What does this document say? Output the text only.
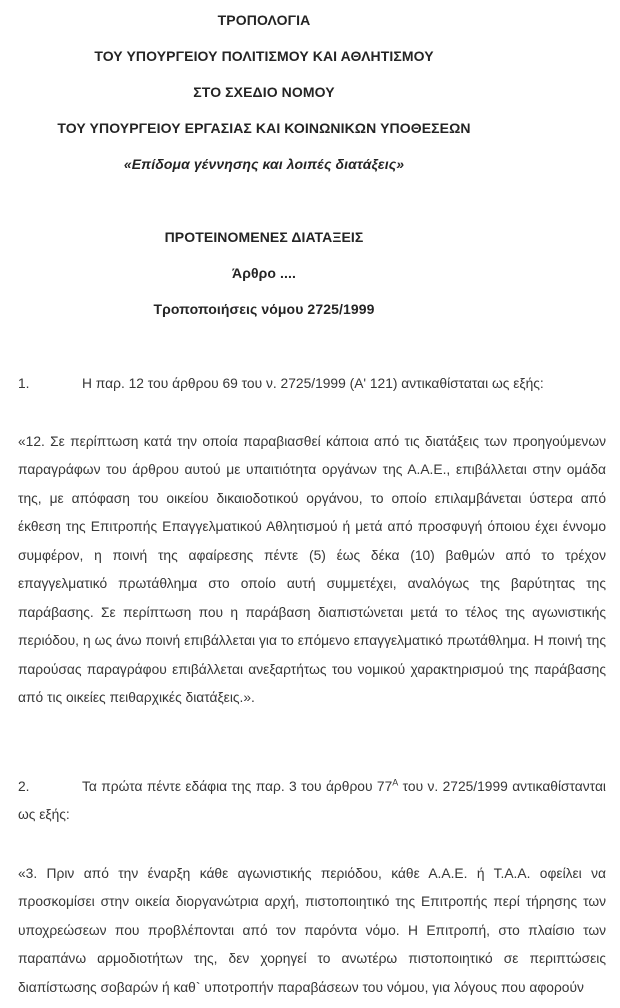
ΤΡΟΠΟΛΟΓΙΑ
ΤΟΥ ΥΠΟΥΡΓΕΙΟΥ ΠΟΛΙΤΙΣΜΟΥ ΚΑΙ ΑΘΛΗΤΙΣΜΟΥ
ΣΤΟ ΣΧΕΔΙΟ ΝΟΜΟΥ
ΤΟΥ ΥΠΟΥΡΓΕΙΟΥ ΕΡΓΑΣΙΑΣ ΚΑΙ ΚΟΙΝΩΝΙΚΩΝ ΥΠΟΘΕΣΕΩΝ
«Επίδομα γέννησης και λοιπές διατάξεις»
ΠΡΟΤΕΙΝΟΜΕΝΕΣ ΔΙΑΤΑΞΕΙΣ
Άρθρο ....
Τροποποιήσεις νόμου 2725/1999

1.	Η παρ. 12 του άρθρου 69 του ν. 2725/1999 (Α' 121) αντικαθίσταται ως εξής:

«12. Σε περίπτωση κατά την οποία παραβιασθεί κάποια από τις διατάξεις των προηγούμενων παραγράφων του άρθρου αυτού με υπαιτιότητα οργάνων της Α.Α.Ε., επιβάλλεται στην ομάδα της, με απόφαση του οικείου δικαιοδοτικού οργάνου, το οποίο επιλαμβάνεται ύστερα από έκθεση της Επιτροπής Επαγγελματικού Αθλητισμού ή μετά από προσφυγή όποιου έχει έννομο συμφέρον, η ποινή της αφαίρεσης πέντε (5) έως δέκα (10) βαθμών από το τρέχον επαγγελματικό πρωτάθλημα στο οποίο αυτή συμμετέχει, αναλόγως της βαρύτητας της παράβασης. Σε περίπτωση που η παράβαση διαπιστώνεται μετά το τέλος της αγωνιστικής περιόδου, η ως άνω ποινή επιβάλλεται για το επόμενο επαγγελματικό πρωτάθλημα. Η ποινή της παρούσας παραγράφου επιβάλλεται ανεξαρτήτως του νομικού χαρακτηρισμού της παράβασης από τις οικείες πειθαρχικές διατάξεις.».

2.	Τα πρώτα πέντε εδάφια της παρ. 3 του άρθρου $77^A$ του ν. 2725/1999 αντικαθίστανται ως εξής:

«3. Πριν από την έναρξη κάθε αγωνιστικής περιόδου, κάθε Α.Α.Ε. ή Τ.Α.Α. οφείλει να προσκομίσει στην οικεία διοργανώτρια αρχή, πιστοποιητικό της Επιτροπής περί τήρησης των υποχρεώσεων που προβλέπονται από τον παρόντα νόμο. Η Επιτροπή, στο πλαίσιο των παραπάνω αρμοδιοτήτων της, δεν χορηγεί το ανωτέρω πιστοποιητικό σε περιπτώσεις διαπίστωσης σοβαρών ή καθ` υποτροπήν παραβάσεων του νόμου, για λόγους που αφορούν
